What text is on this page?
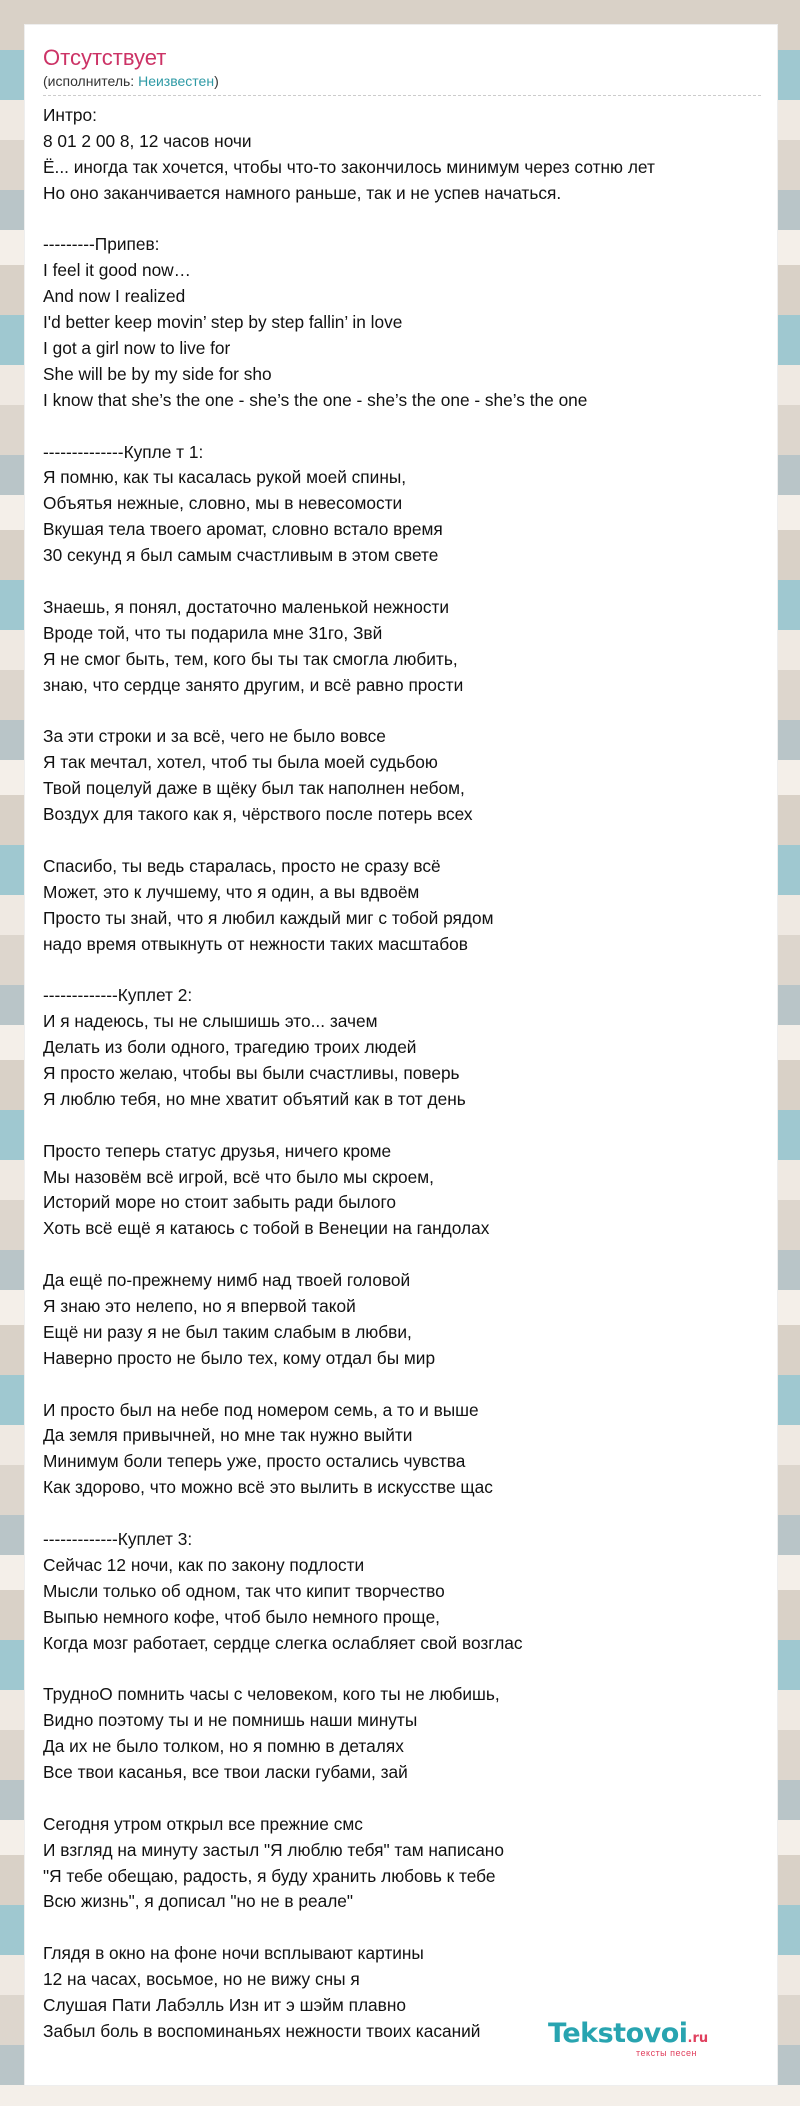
Отсутствует
(исполнитель: Неизвестен)
Интро:
8 01 2 00 8, 12 часов ночи
Ё... иногда так хочется, чтобы что-то закончилось минимум через сотню лет
Но оно заканчивается намного раньше, так и не успев начаться.
---------Припев:
I feel it good now…
And now I realized
I'd better keep movin’ step by step fallin’ in love
I got a girl now to live for
She will be by my side for sho
I know that she’s the one - she’s the one - she’s the one - she’s the one
--------------Купле т 1:
Я помню, как ты касалась рукой моей спины,
Объятья нежные, словно, мы в невесомости
Вкушая тела твоего аромат, словно встало время
30 секунд я был самым счастливым в этом свете
Знаешь, я понял, достаточно маленькой нежности
Вроде той, что ты подарила мне 31го, Звй
Я не смог быть, тем, кого бы ты так смогла любить,
знаю, что сердце занято другим, и всё равно прости
За эти строки и за всё, чего не было вовсе
Я так мечтал, хотел, чтоб ты была моей судьбою
Твой поцелуй даже в щёку был так наполнен небом,
Воздух для такого как я, чёрствого после потерь всех
Спасибо, ты ведь старалась, просто не сразу всё
Может, это к лучшему, что я один, а вы вдвоём
Просто ты знай, что я любил каждый миг с тобой рядом
надо время отвыкнуть от нежности таких масштабов
-------------Куплет 2:
И я надеюсь, ты не слышишь это... зачем
Делать из боли одного, трагедию троих людей
Я просто желаю, чтобы вы были счастливы, поверь
Я люблю тебя, но мне хватит объятий как в тот день
Просто теперь статус друзья, ничего кроме
Мы назовём всё игрой, всё что было мы скроем,
Историй море но стоит забыть ради былого
Хоть всё ещё я катаюсь с тобой в Венеции на гандолах
Да ещё по-прежнему нимб над твоей головой
Я знаю это нелепо, но я впервой такой
Ещё ни разу я не был таким слабым в любви,
Наверно просто не было тех, кому отдал бы мир
И просто был на небе под номером семь, а то и выше
Да земля привычней, но мне так нужно выйти
Минимум боли теперь уже, просто остались чувства
Как здорово, что можно всё это вылить в искусстве щас
-------------Куплет 3:
Сейчас 12 ночи, как по закону подлости
Мысли только об одном, так что кипит творчество
Выпью немного кофе, чтоб было немного проще,
Когда мозг работает, сердце слегка ослабляет свой возглас
ТрудноО помнить часы с человеком, кого ты не любишь,
Видно поэтому ты и не помнишь наши минуты
Да их не было толком, но я помню в деталях
Все твои касанья, все твои ласки губами, зай
Сегодня утром открыл все прежние смс
И взгляд на минуту застыл "Я люблю тебя" там написано
"Я тебе обещаю, радость, я буду хранить любовь к тебе
Всю жизнь", я дописал "но не в реале"
Глядя в окно на фоне ночи всплывают картины
12 на часах, восьмое, но не вижу сны я
Слушая Пати Лабэлль Изн ит э шэйм плавно
Забыл боль в воспоминаньях нежности твоих касаний	Tekstovoi.ru
тексты песен
